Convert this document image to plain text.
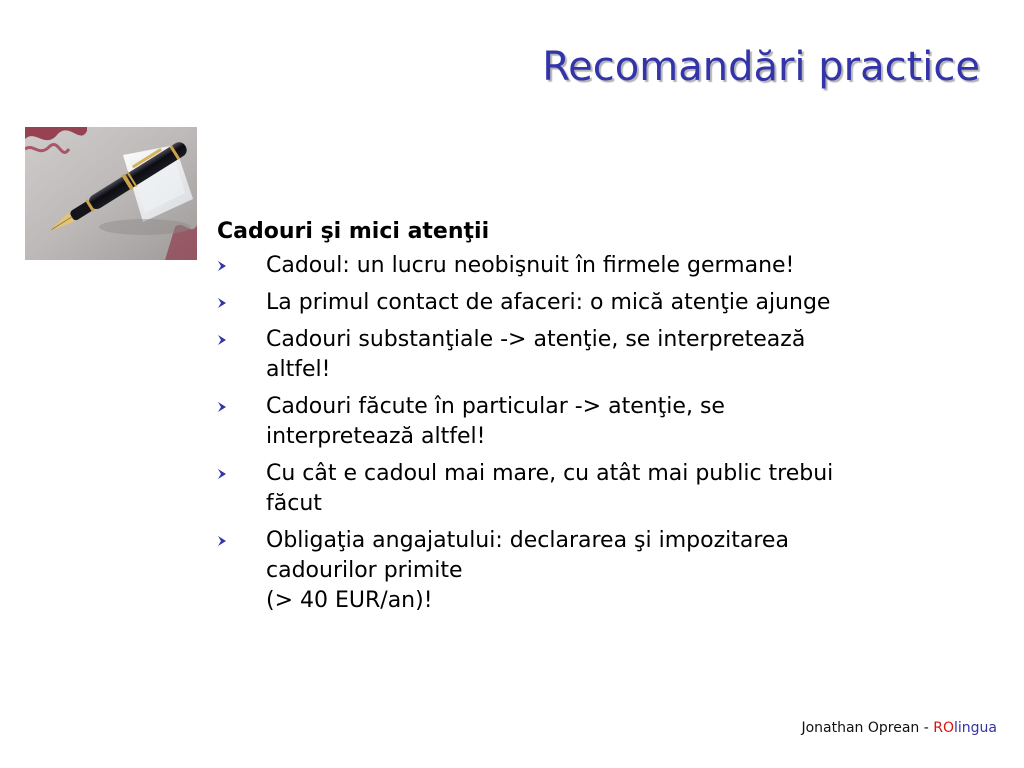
Recomandări practice
Cadouri şi mici atenţii
Cadoul: un lucru neobişnuit în firmele germane!
La primul contact de afaceri: o mică atenţie ajunge
Cadouri substanţiale -> atenţie, se interpretează
altfel!
Cadouri făcute în particular -> atenţie, se
interpretează altfel!
Cu cât e cadoul mai mare, cu atât mai public trebui
făcut
Obligaţia angajatului: declararea şi impozitarea
cadourilor primite
(> 40 EUR/an)!
Jonathan Oprean - ROlingua
